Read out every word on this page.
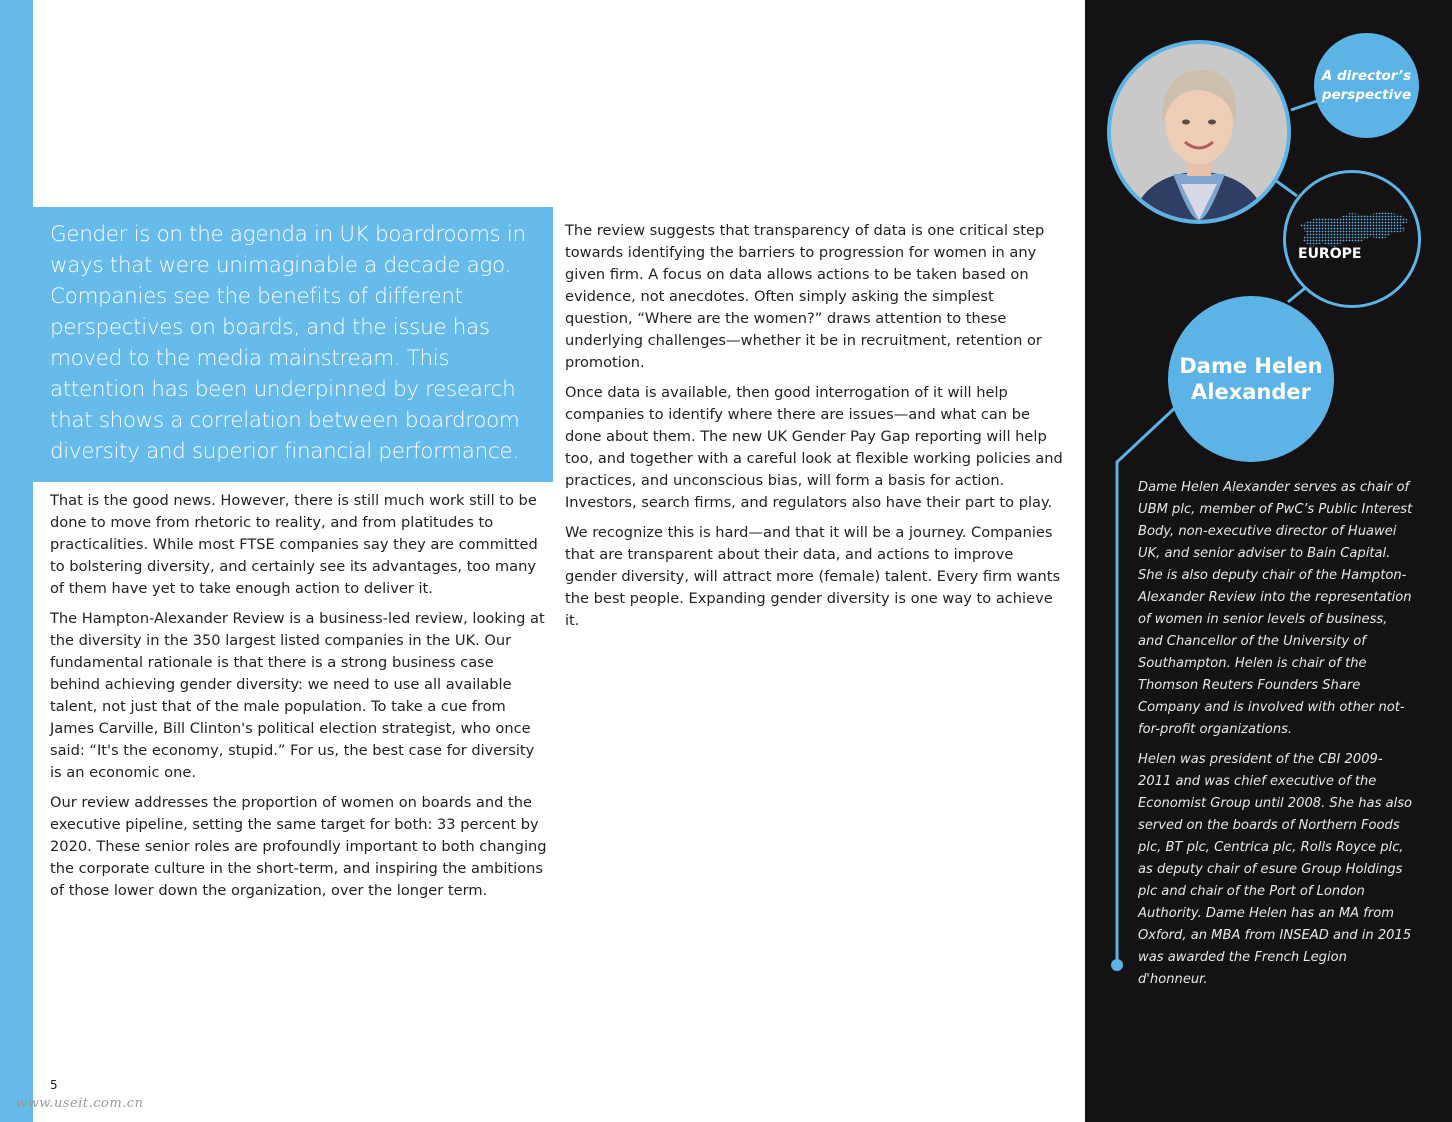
Gender is on the agenda in UK boardrooms in ways that were unimaginable a decade ago. Companies see the benefits of different perspectives on boards, and the issue has moved to the media mainstream. This attention has been underpinned by research that shows a correlation between boardroom diversity and superior financial performance.

That is the good news. However, there is still much work still to be done to move from rhetoric to reality, and from platitudes to practicalities. While most FTSE companies say they are committed to bolstering diversity, and certainly see its advantages, too many of them have yet to take enough action to deliver it.

The Hampton-Alexander Review is a business-led review, looking at the diversity in the 350 largest listed companies in the UK. Our fundamental rationale is that there is a strong business case behind achieving gender diversity: we need to use all available talent, not just that of the male population. To take a cue from James Carville, Bill Clinton's political election strategist, who once said: “It's the economy, stupid.” For us, the best case for diversity is an economic one.

Our review addresses the proportion of women on boards and the executive pipeline, setting the same target for both: 33 percent by 2020. These senior roles are profoundly important to both changing the corporate culture in the short-term, and inspiring the ambitions of those lower down the organization, over the longer term.

The review suggests that transparency of data is one critical step towards identifying the barriers to progression for women in any given firm. A focus on data allows actions to be taken based on evidence, not anecdotes. Often simply asking the simplest question, “Where are the women?” draws attention to these underlying challenges—whether it be in recruitment, retention or promotion.

Once data is available, then good interrogation of it will help companies to identify where there are issues—and what can be done about them. The new UK Gender Pay Gap reporting will help too, and together with a careful look at flexible working policies and practices, and unconscious bias, will form a basis for action. Investors, search firms, and regulators also have their part to play.

We recognize this is hard—and that it will be a journey. Companies that are transparent about their data, and actions to improve gender diversity, will attract more (female) talent. Every firm wants the best people. Expanding gender diversity is one way to achieve it.

5
www.useit.com.cn
A director’s
perspective
EUROPE
Dame Helen
Alexander

Dame Helen Alexander serves as chair of UBM plc, member of PwC’s Public Interest Body, non-executive director of Huawei UK, and senior adviser to Bain Capital. She is also deputy chair of the Hampton-Alexander Review into the representation of women in senior levels of business, and Chancellor of the University of Southampton. Helen is chair of the Thomson Reuters Founders Share Company and is involved with other not-for-profit organizations.

Helen was president of the CBI 2009-2011 and was chief executive of the Economist Group until 2008. She has also served on the boards of Northern Foods plc, BT plc, Centrica plc, Rolls Royce plc, as deputy chair of esure Group Holdings plc and chair of the Port of London Authority. Dame Helen has an MA from Oxford, an MBA from INSEAD and in 2015 was awarded the French Legion d'honneur.
